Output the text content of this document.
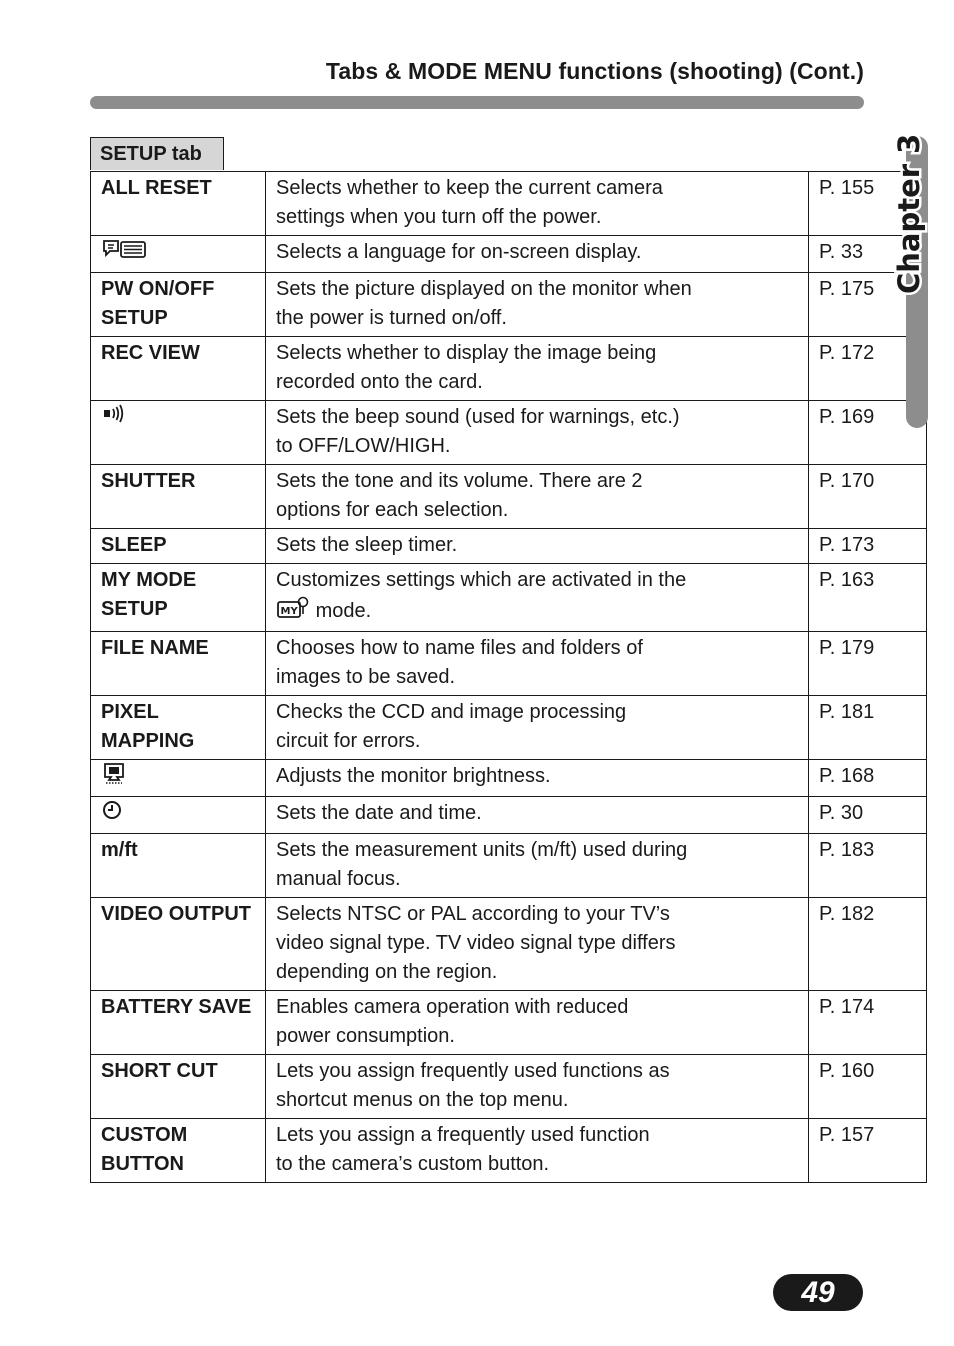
Tabs & MODE MENU functions (shooting) (Cont.)
SETUP tab
ALL RESET	Selects whether to keep the current camera
settings when you turn off the power.	P. 155
	Selects a language for on-screen display.	P. 33
PW ON/OFF SETUP	Sets the picture displayed on the monitor when
the power is turned on/off.	P. 175
REC VIEW	Selects whether to display the image being
recorded onto the card.	P. 172
	Sets the beep sound (used for warnings, etc.)
to OFF/LOW/HIGH.	P. 169
SHUTTER	Sets the tone and its volume. There are 2
options for each selection.	P. 170
SLEEP	Sets the sleep timer.	P. 173
MY MODE SETUP	Customizes settings which are activated in the

MY mode.	P. 163
FILE NAME	Chooses how to name files and folders of
images to be saved.	P. 179
PIXEL MAPPING	Checks the CCD and image processing
circuit for errors.	P. 181
	Adjusts the monitor brightness.	P. 168
	Sets the date and time.	P. 30
m/ft	Sets the measurement units (m/ft) used during
manual focus.	P. 183
VIDEO OUTPUT	Selects NTSC or PAL according to your TV’s
video signal type. TV video signal type differs
depending on the region.	P. 182
BATTERY SAVE	Enables camera operation with reduced
power consumption.	P. 174
SHORT CUT	Lets you assign frequently used functions as
shortcut menus on the top menu.	P. 160
CUSTOM BUTTON	Lets you assign a frequently used function
to the camera’s custom button.	P. 157
Chapter 3
49
